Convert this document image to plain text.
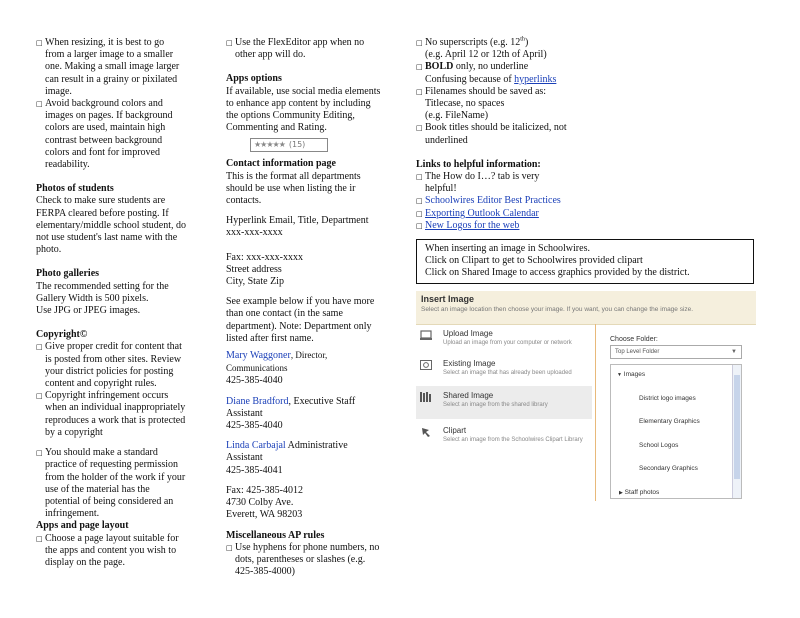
□ When resizing, it is best to go from a larger image to a smaller one. Making a small image larger can result in a grainy or pixilated image.
□ Avoid background colors and images on pages. If background colors are used, maintain high contrast between background colors and font for improved readability.

Photos of students

Check to make sure students are FERPA cleared before posting. If elementary/middle school student, do not use student's last name with the photo.

Photo galleries

The recommended setting for the Gallery Width is 500 pixels.

Use JPG or JPEG images.

Copyright©

□ Give proper credit for content that is posted from other sites. Review your district policies for posting content and copyright rules.
□ Copyright infringement occurs when an individual inappropriately reproduces a work that is protected by a copyright
□ You should make a standard practice of requesting permission from the holder of the work if your use of the material has the potential of being considered an infringement.

Apps and page layout

□ Choose a page layout suitable for the apps and content you wish to display on the page.
□ Use the FlexEditor app when no other app will do.

Apps options

If available, use social media elements to enhance app content by including the options Community Editing, Commenting and Rating.

★★★★★ (15)

Contact information page

This is the format all departments should be use when listing the ir contacts.

Hyperlink Email, Title, Department

xxx-xxx-xxxx

Fax: xxx-xxx-xxxx

Street address

City, State Zip

See example below if you have more than one contact (in the same department). Note: Department only listed after first name.

Mary Waggoner, Director, Communications

425-385-4040

Diane Bradford, Executive Staff Assistant

425-385-4040

Linda Carbajal Administrative Assistant

425-385-4041

Fax: 425-385-4012

4730 Colby Ave.

Everett, WA 98203

Miscellaneous AP rules

□ Use hyphens for phone numbers, no dots, parentheses or slashes (e.g. 425-385-4000)
□ No superscripts (e.g. 12th)
(e.g. April 12 or 12th of April)
□ BOLD only, no underline
Confusing because of hyperlinks
□ Filenames should be saved as:
Titlecase, no spaces
(e.g. FileName)
□ Book titles should be italicized, not underlined

Links to helpful information:

□ The How do I…? tab is very helpful!
□ Schoolwires Editor Best Practices
□ Exporting Outlook Calendar
□ New Logos for the web

When inserting an image in Schoolwires.

Click on Clipart to get to Schoolwires provided clipart

Click on Shared Image to access graphics provided by the district.

Insert Image
Select an image location then choose your image. If you want, you can change the image size.
Upload Image
Upload an image from your computer or network
Existing Image
Select an image that has already been uploaded
Shared Image
Select an image from the shared library
Clipart
Select an image from the Schoolwires Clipart Library
Choose Folder:
Top Level Folder	▼
▼ Images
District logo images
Elementary Graphics
School Logos
Secondary Graphics
▶ Staff photos
